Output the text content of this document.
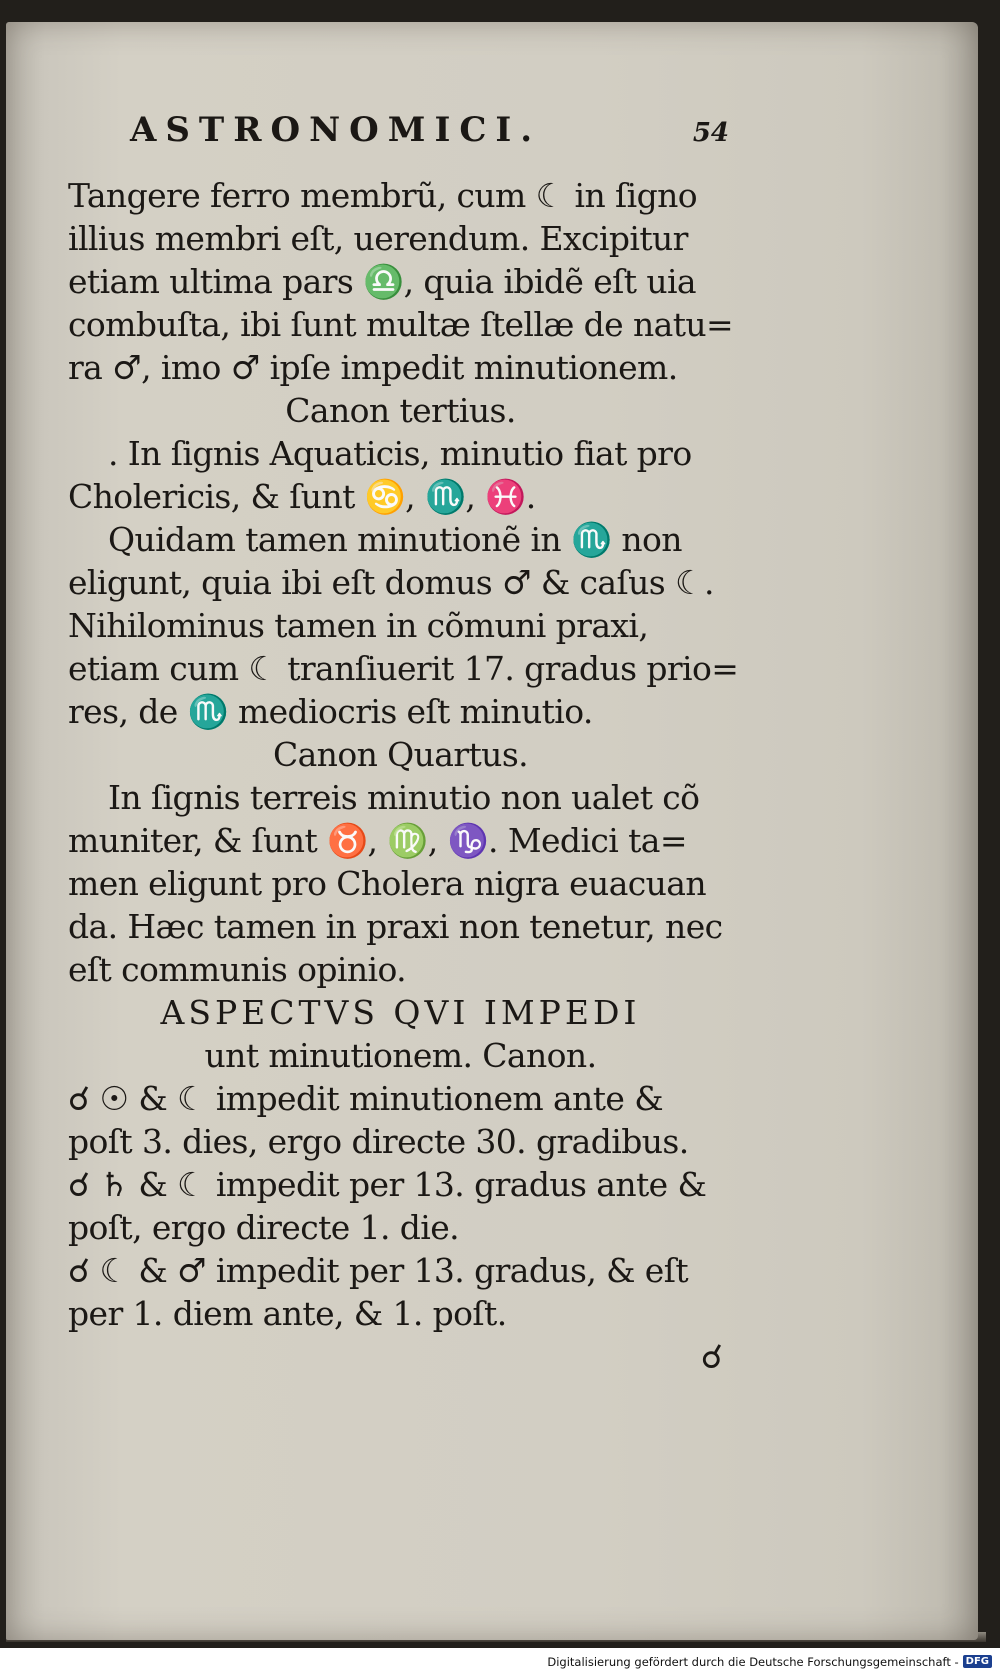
ASTRONOMICI.	54
Tangere ferro membrũ, cum ☾ in ſigno
illius membri eſt, uerendum. Excipitur
etiam ultima pars ♎, quia ibidẽ eſt uia
combuſta, ibi ſunt multæ ſtellæ de natu=
ra ♂, imo ♂ ipſe impedit minutionem.
Canon tertius.
. In ſignis Aquaticis, minutio fiat pro
Cholericis, & ſunt ♋, ♏, ♓.
Quidam tamen minutionẽ in ♏ non
eligunt, quia ibi eſt domus ♂ & caſus ☾.
Nihilominus tamen in cõmuni praxi,
etiam cum ☾ tranſiuerit 17. gradus prio=
res, de ♏ mediocris eſt minutio.
Canon Quartus.
In ſignis terreis minutio non ualet cõ
muniter, & ſunt ♉, ♍, ♑. Medici ta=
men eligunt pro Cholera nigra euacuan
da. Hæc tamen in praxi non tenetur, nec
eſt communis opinio.
ASPECTVS QVI IMPEDI
unt minutionem. Canon.
☌ ☉ & ☾ impedit minutionem ante &
poſt 3. dies, ergo directe 30. gradibus.
☌ ♄ & ☾ impedit per 13. gradus ante &
poſt, ergo directe 1. die.
☌ ☾ & ♂ impedit per 13. gradus, & eſt
per 1. diem ante, & 1. poſt.
☌
Digitalisierung gefördert durch die Deutsche Forschungsgemeinschaft - DFG
